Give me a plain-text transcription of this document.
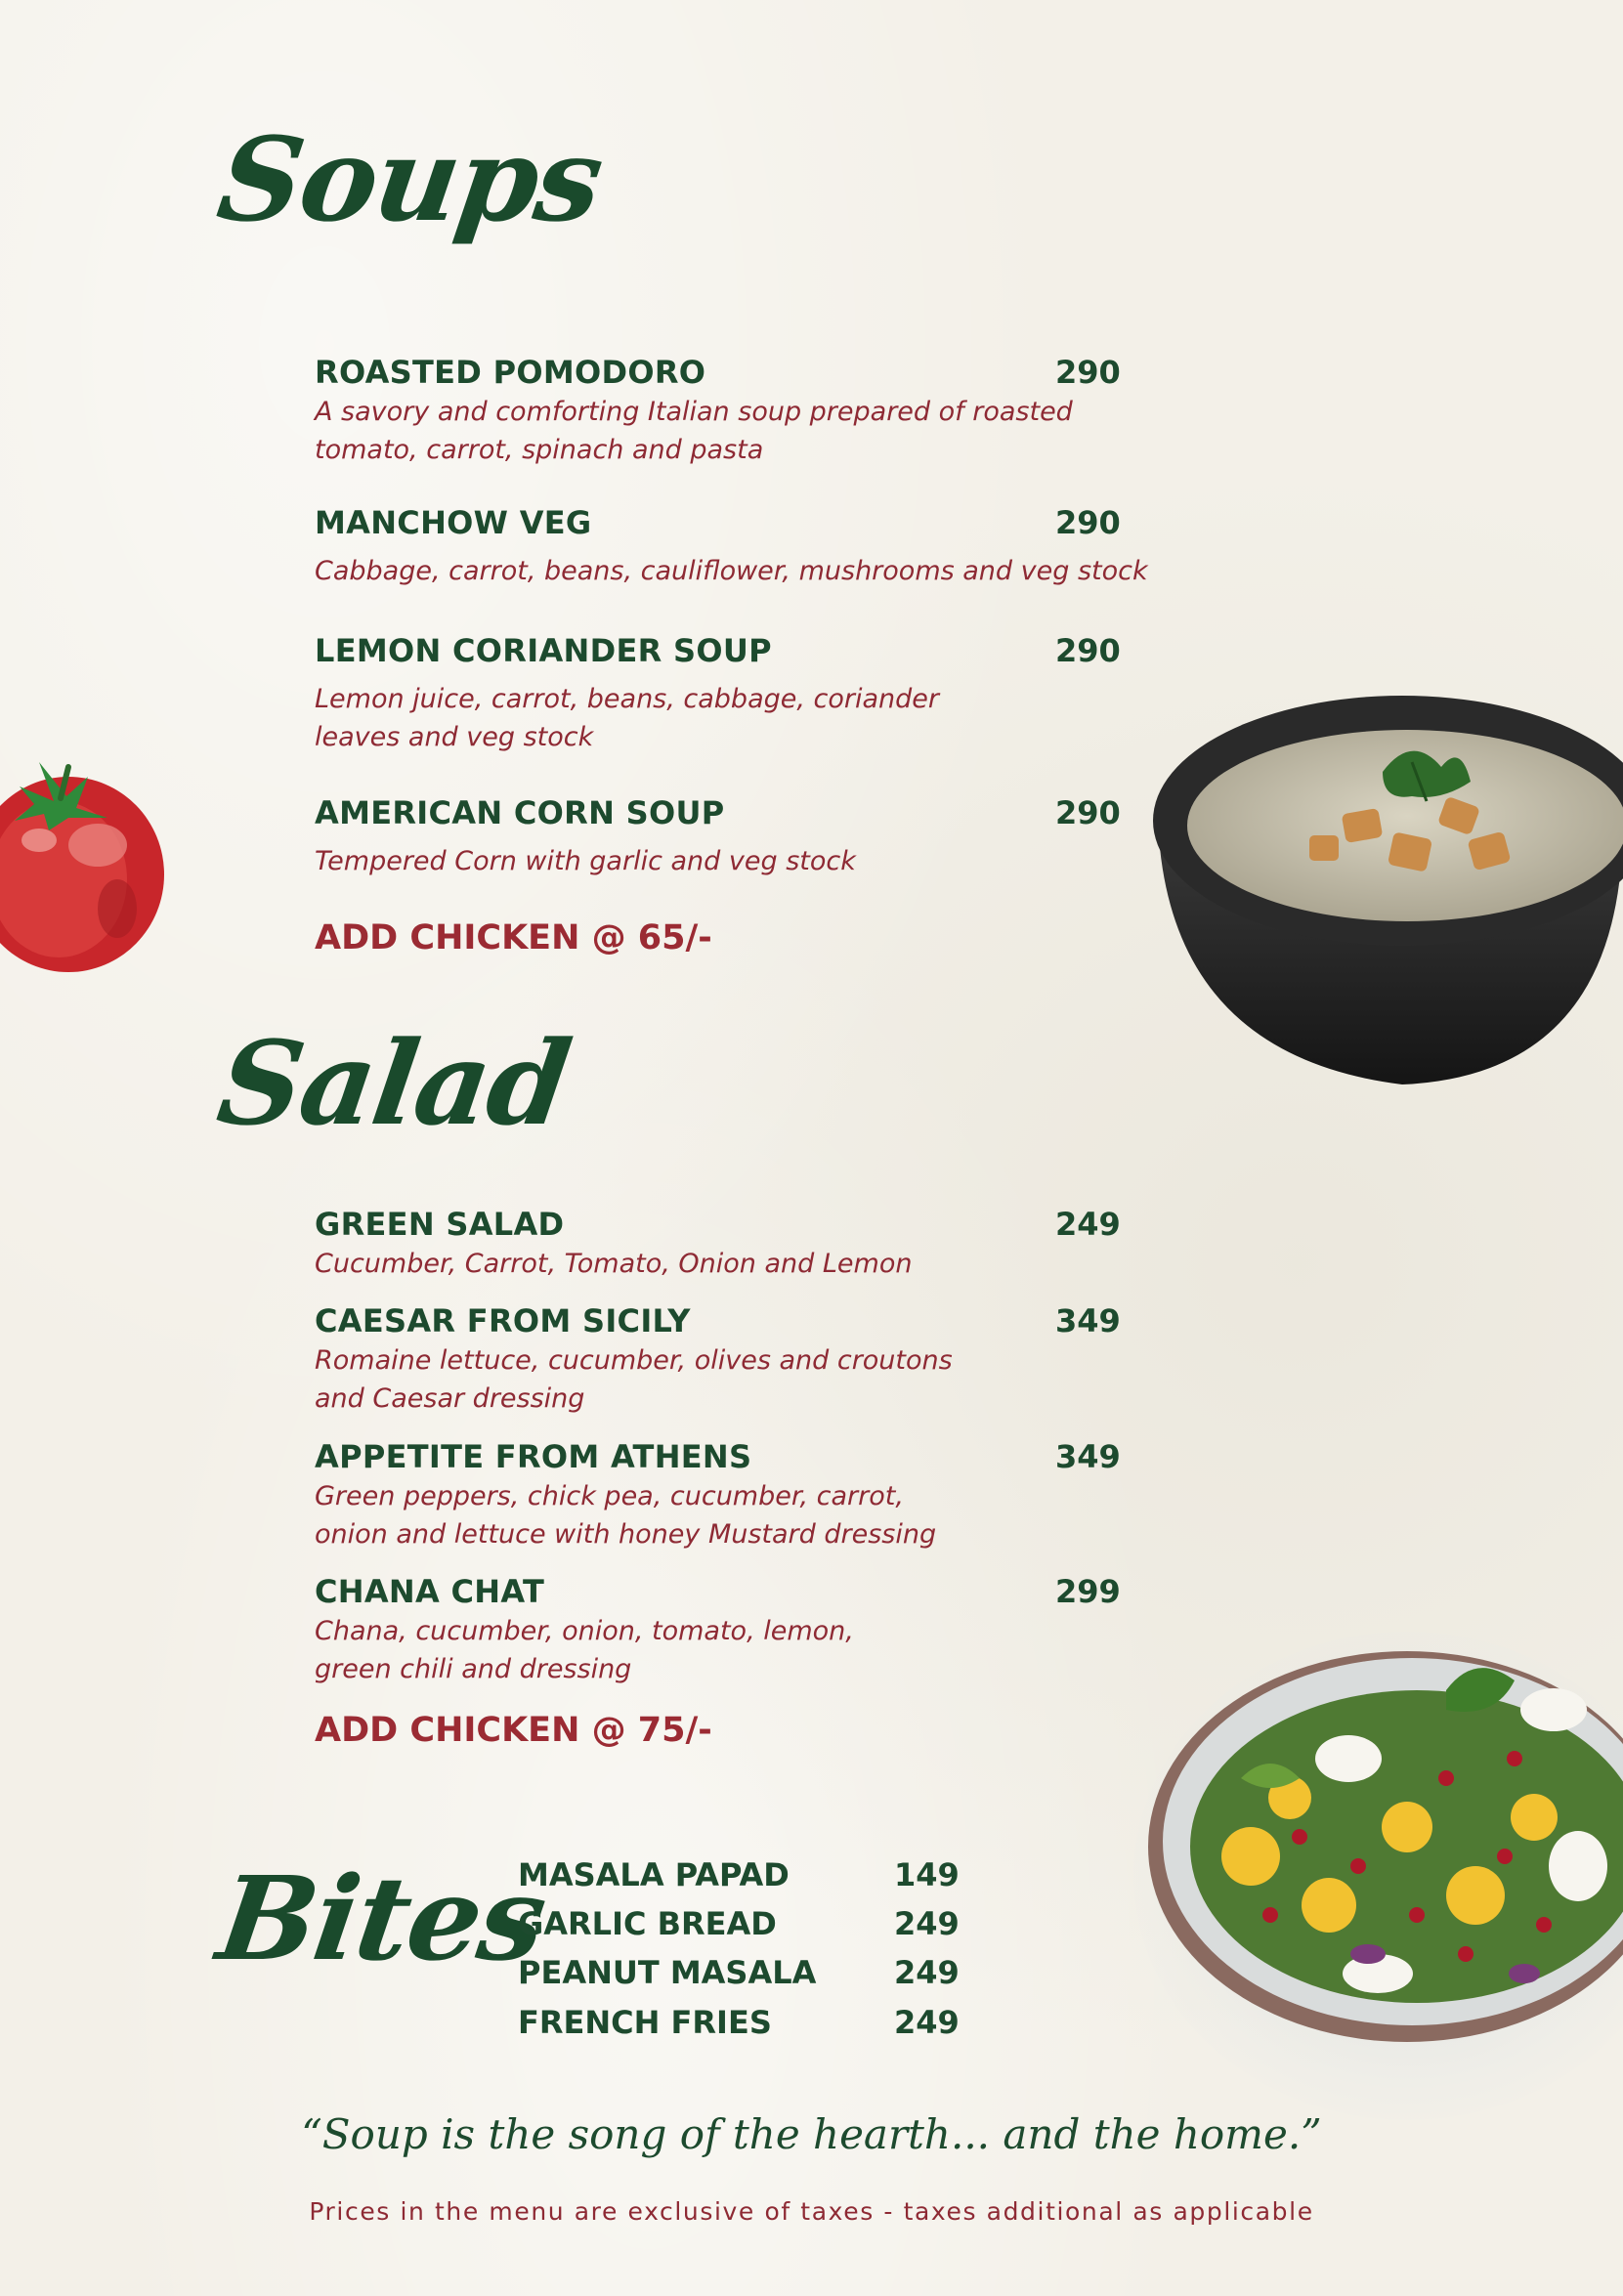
Soups
ROASTED POMODORO	290
A savory and comforting Italian soup prepared of roasted
tomato, carrot, spinach and pasta
MANCHOW VEG	290
Cabbage, carrot, beans, cauliflower, mushrooms and veg stock
LEMON CORIANDER SOUP	290
Lemon juice, carrot, beans, cabbage, coriander
leaves and veg stock
AMERICAN CORN SOUP	290
Tempered Corn with garlic and veg stock
ADD CHICKEN @ 65/-
Salad
GREEN SALAD	249
Cucumber, Carrot, Tomato, Onion and Lemon
CAESAR FROM SICILY	349
Romaine lettuce, cucumber, olives and croutons
and Caesar dressing
APPETITE FROM ATHENS	349
Green peppers, chick pea, cucumber, carrot,
onion and lettuce with honey Mustard dressing
CHANA CHAT	299
Chana, cucumber, onion, tomato, lemon,
green chili and dressing
ADD CHICKEN @ 75/-
Bites
MASALA PAPAD	149
GARLIC BREAD	249
PEANUT MASALA 249
FRENCH FRIES	249
“Soup is the song of the hearth... and the home.”
Prices in the menu are exclusive of taxes - taxes additional as applicable
